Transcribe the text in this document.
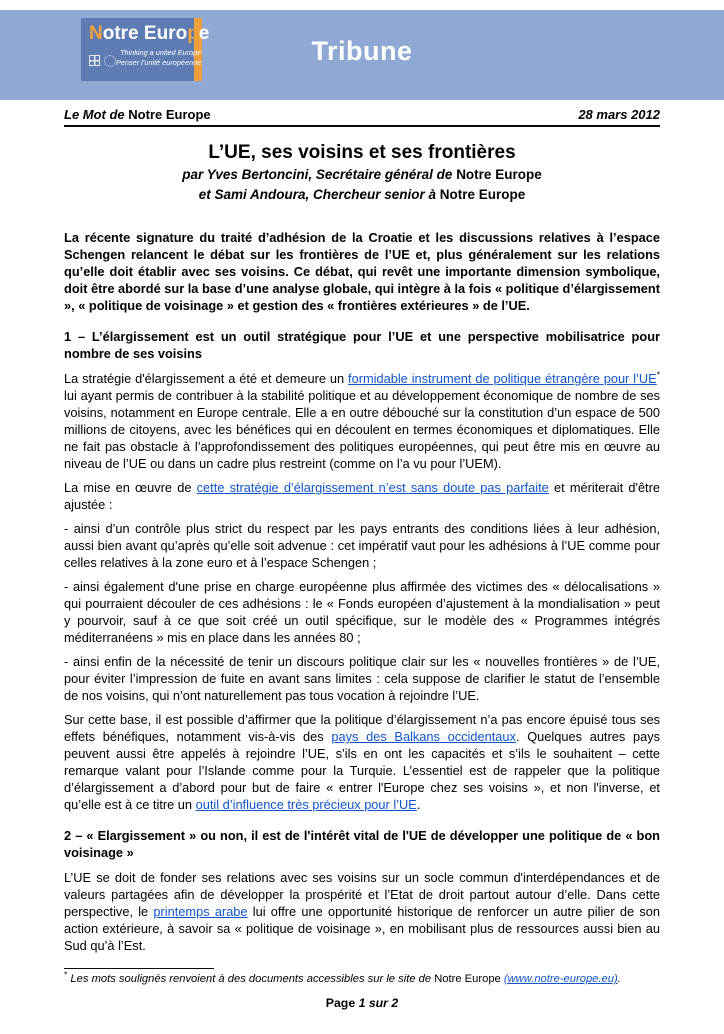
Notre Europe
Thinking a united Europe
Penser l’unité européenne	Tribune
Le Mot de Notre Europe	28 mars 2012
L’UE, ses voisins et ses frontières
par Yves Bertoncini, Secrétaire général de Notre Europe
et Sami Andoura, Chercheur senior à Notre Europe

La récente signature du traité d’adhésion de la Croatie et les discussions relatives à l’espace Schengen relancent le débat sur les frontières de l’UE et, plus généralement sur les relations qu’elle doit établir avec ses voisins. Ce débat, qui revêt une importante dimension symbolique, doit être abordé sur la base d’une analyse globale, qui intègre à la fois « politique d’élargissement », « politique de voisinage » et gestion des « frontières extérieures » de l’UE.

1 – L’élargissement est un outil stratégique pour l’UE et une perspective mobilisatrice pour nombre de ses voisins

La stratégie d'élargissement a été et demeure un formidable instrument de politique étrangère pour l’UE* lui ayant permis de contribuer à la stabilité politique et au développement économique de nombre de ses voisins, notamment en Europe centrale. Elle a en outre débouché sur la constitution d’un espace de 500 millions de citoyens, avec les bénéfices qui en découlent en termes économiques et diplomatiques. Elle ne fait pas obstacle à l’approfondissement des politiques européennes, qui peut être mis en œuvre au niveau de l’UE ou dans un cadre plus restreint (comme on l’a vu pour l’UEM).

La mise en œuvre de cette stratégie d’élargissement n’est sans doute pas parfaite et mériterait d'être ajustée :

- ainsi d’un contrôle plus strict du respect par les pays entrants des conditions liées à leur adhésion, aussi bien avant qu’après qu’elle soit advenue : cet impératif vaut pour les adhésions à l’UE comme pour celles relatives à la zone euro et à l’espace Schengen ;

- ainsi également d'une prise en charge européenne plus affirmée des victimes des « délocalisations » qui pourraient découler de ces adhésions : le « Fonds européen d’ajustement à la mondialisation » peut y pourvoir, sauf à ce que soit créé un outil spécifique, sur le modèle des « Programmes intégrés méditerranéens » mis en place dans les années 80 ;

- ainsi enfin de la nécessité de tenir un discours politique clair sur les « nouvelles frontières » de l’UE, pour éviter l’impression de fuite en avant sans limites : cela suppose de clarifier le statut de l’ensemble de nos voisins, qui n’ont naturellement pas tous vocation à rejoindre l’UE.

Sur cette base, il est possible d’affirmer que la politique d’élargissement n’a pas encore épuisé tous ses effets bénéfiques, notamment vis-à-vis des pays des Balkans occidentaux. Quelques autres pays peuvent aussi être appelés à rejoindre l’UE, s’ils en ont les capacités et s’ils le souhaitent – cette remarque valant pour l’Islande comme pour la Turquie. L’essentiel est de rappeler que la politique d’élargissement a d’abord pour but de faire « entrer l'Europe chez ses voisins », et non l'inverse, et qu’elle est à ce titre un outil d’influence très précieux pour l’UE.

2 – « Elargissement » ou non, il est de l'intérêt vital de l'UE de développer une politique de « bon voisinage »

L’UE se doit de fonder ses relations avec ses voisins sur un socle commun d'interdépendances et de valeurs partagées afin de développer la prospérité et l’Etat de droit partout autour d’elle. Dans cette perspective, le printemps arabe lui offre une opportunité historique de renforcer un autre pilier de son action extérieure, à savoir sa « politique de voisinage », en mobilisant plus de ressources aussi bien au Sud qu’à l’Est.

* Les mots soulignés renvoient à des documents accessibles sur le site de Notre Europe (www.notre-europe.eu).
Page 1 sur 2
